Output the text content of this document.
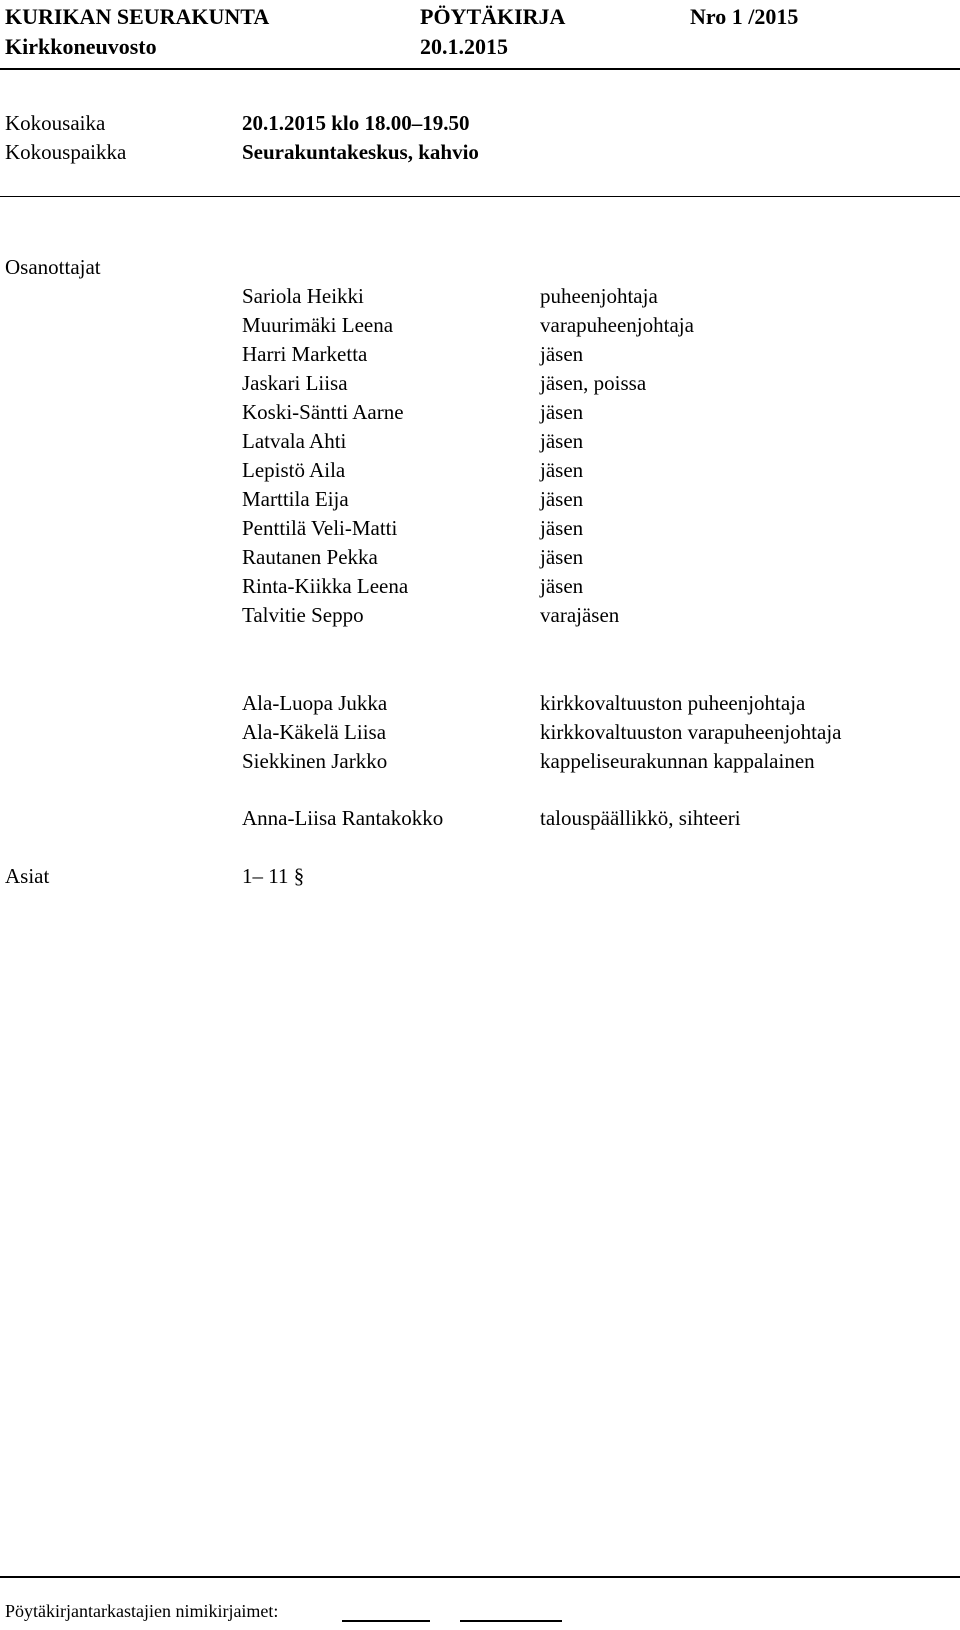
KURIKAN SEURAKUNTA	PÖYTÄKIRJA	Nro 1 /2015
Kirkkoneuvosto	20.1.2015
Kokousaika	20.1.2015 klo 18.00–19.50
Kokouspaikka	Seurakuntakeskus, kahvio
Osanottajat
Sariola Heikki	puheenjohtaja
Muurimäki Leena	varapuheenjohtaja
Harri Marketta	jäsen
Jaskari Liisa	jäsen, poissa
Koski-Säntti Aarne	jäsen
Latvala Ahti	jäsen
Lepistö Aila	jäsen
Marttila Eija	jäsen
Penttilä Veli-Matti	jäsen
Rautanen Pekka	jäsen
Rinta-Kiikka Leena	jäsen
Talvitie Seppo	varajäsen
Ala-Luopa Jukka	kirkkovaltuuston puheenjohtaja
Ala-Käkelä Liisa	kirkkovaltuuston varapuheenjohtaja
Siekkinen Jarkko	kappeliseurakunnan kappalainen
Anna-Liisa Rantakokko	talouspäällikkö, sihteeri
Asiat	1– 11 §
Pöytäkirjantarkastajien nimikirjaimet:
